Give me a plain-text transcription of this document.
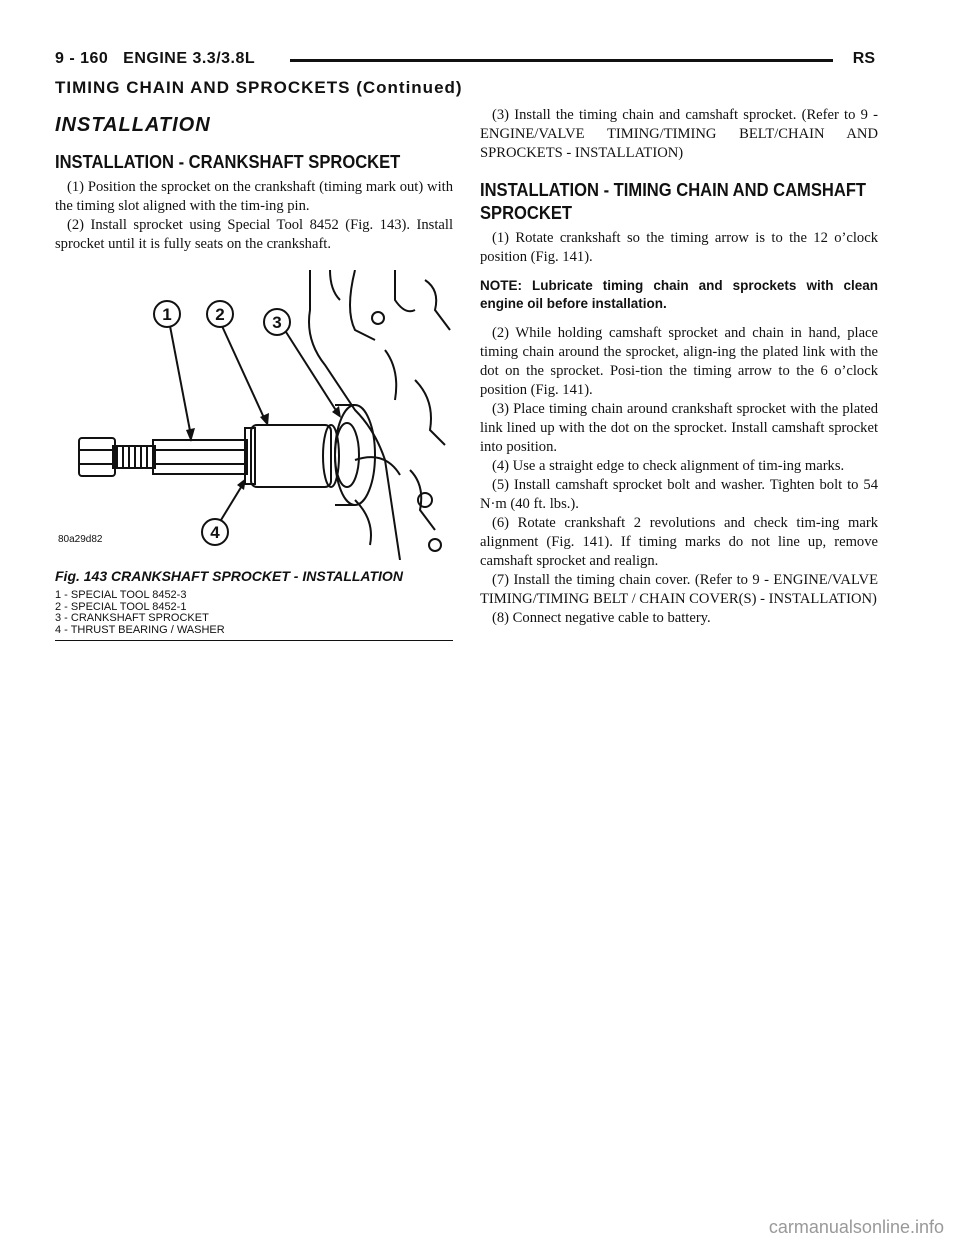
9 - 160 ENGINE 3.3/3.8L	RS
TIMING CHAIN AND SPROCKETS (Continued)
INSTALLATION
INSTALLATION - CRANKSHAFT SPROCKET

(1) Position the sprocket on the crankshaft (timing mark out) with the timing slot aligned with the tim-ing pin.

(2) Install sprocket using Special Tool 8452 (Fig. 143). Install sprocket until it is fully seats on the crankshaft.

1	2	3
4
80a29d82
Fig. 143 CRANKSHAFT SPROCKET - INSTALLATION
1 - SPECIAL TOOL 8452-3
2 - SPECIAL TOOL 8452-1
3 - CRANKSHAFT SPROCKET
4 - THRUST BEARING / WASHER

(3) Install the timing chain and camshaft sprocket. (Refer to 9 - ENGINE/VALVE TIMING/TIMING BELT/CHAIN AND SPROCKETS - INSTALLATION)

INSTALLATION - TIMING CHAIN AND CAMSHAFT SPROCKET

(1) Rotate crankshaft so the timing arrow is to the 12 o’clock position (Fig. 141).

NOTE: Lubricate timing chain and sprockets with clean engine oil before installation.

(2) While holding camshaft sprocket and chain in hand, place timing chain around the sprocket, align-ing the plated link with the dot on the sprocket. Posi-tion the timing arrow to the 6 o’clock position (Fig. 141).

(3) Place timing chain around crankshaft sprocket with the plated link lined up with the dot on the sprocket. Install camshaft sprocket into position.

(4) Use a straight edge to check alignment of tim-ing marks.

(5) Install camshaft sprocket bolt and washer. Tighten bolt to 54 N·m (40 ft. lbs.).

(6) Rotate crankshaft 2 revolutions and check tim-ing mark alignment (Fig. 141). If timing marks do not line up, remove camshaft sprocket and realign.

(7) Install the timing chain cover. (Refer to 9 - ENGINE/VALVE TIMING/TIMING BELT / CHAIN COVER(S) - INSTALLATION)

(8) Connect negative cable to battery.

carmanualsonline.info
